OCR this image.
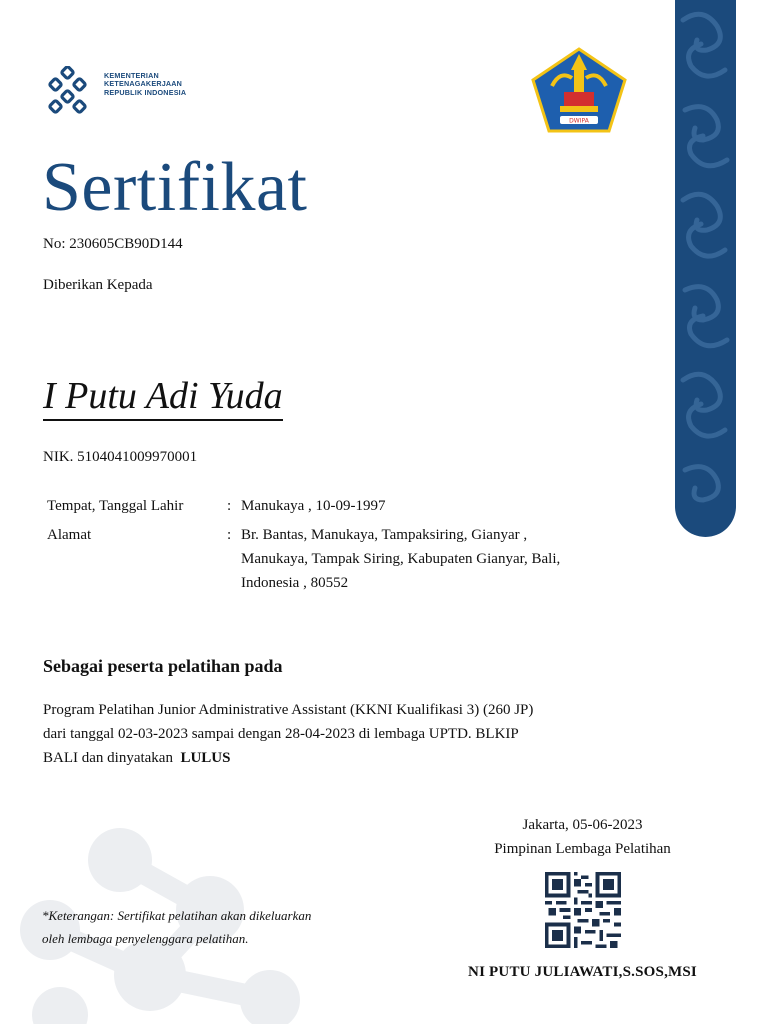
KEMENTERIAN
KETENAGAKERJAAN
REPUBLIK INDONESIA
DWIPA
Sertifikat
No: 230605CB90D144
Diberikan Kepada
I Putu Adi Yuda
NIK. 5104041009970001
Tempat, Tanggal Lahir	: Manukaya , 10-09-1997
Alamat	: Br. Bantas, Manukaya, Tampaksiring, Gianyar ,
Manukaya, Tampak Siring, Kabupaten Gianyar, Bali,
Indonesia , 80552
Sebagai peserta pelatihan pada
Program Pelatihan Junior Administrative Assistant (KKNI Kualifikasi 3) (260 JP)
dari tanggal 02-03-2023 sampai dengan 28-04-2023 di lembaga UPTD. BLKIP
BALI dan dinyatakan LULUS
Jakarta, 05-06-2023
Pimpinan Lembaga Pelatihan
NI PUTU JULIAWATI,S.SOS,MSI
*Keterangan: Sertifikat pelatihan akan dikeluarkan
oleh lembaga penyelenggara pelatihan.
